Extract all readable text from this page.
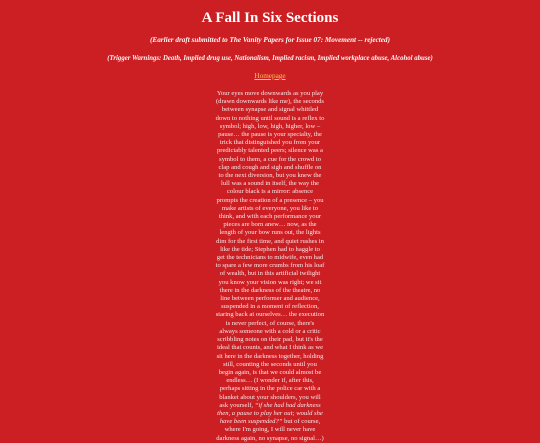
A Fall In Six Sections

(Earlier draft submitted to The Vanity Papers for Issue 07: Movement -- rejected)

(Trigger Warnings: Death, Implied drug use, Nationalism, Implied racism, Implied workplace abuse, Alcohol abuse)

Homepage
Your eyes move downwards as you play
(drawn downwards like me), the seconds
between synapse and signal whittled
down to nothing until sound is a reflex to
symbol; high, low, high, higher, low –
pause… the pause is your specialty, the
trick that distinguished you from your
predictably talented peers; silence was a
symbol to them, a cue for the crowd to
clap and cough and sigh and shuffle on
to the next diversion, but you knew the
lull was a sound in itself, the way the
colour black is a mirror: absence
prompts the creation of a presence – you
make artists of everyone, you like to
think, and with each performance your
pieces are born anew… now, as the
length of your bow runs out, the lights
dim for the first time, and quiet rushes in
like the tide; Stephen had to haggle to
get the technicians to midwife, even had
to spare a few more crumbs from his loaf
of wealth, but in this artificial twilight
you know your vision was right; we sit
there in the darkness of the theatre, no
line between performer and audience,
suspended in a moment of reflection,
staring back at ourselves… the execution
is never perfect, of course, there's
always someone with a cold or a critic
scribbling notes on their pad, but it's the
ideal that counts, and what I think as we
sit here in the darkness together, holding
still, counting the seconds until you
begin again, is that we could almost be
endless… (I wonder if, after this,
perhaps sitting in the police car with a
blanket about your shoulders, you will
ask yourself, “if she had had darkness
then, a pause to play her out; would she
have been suspended?” but of course,
where I'm going, I will never have
darkness again, no synapse, no signal…)
